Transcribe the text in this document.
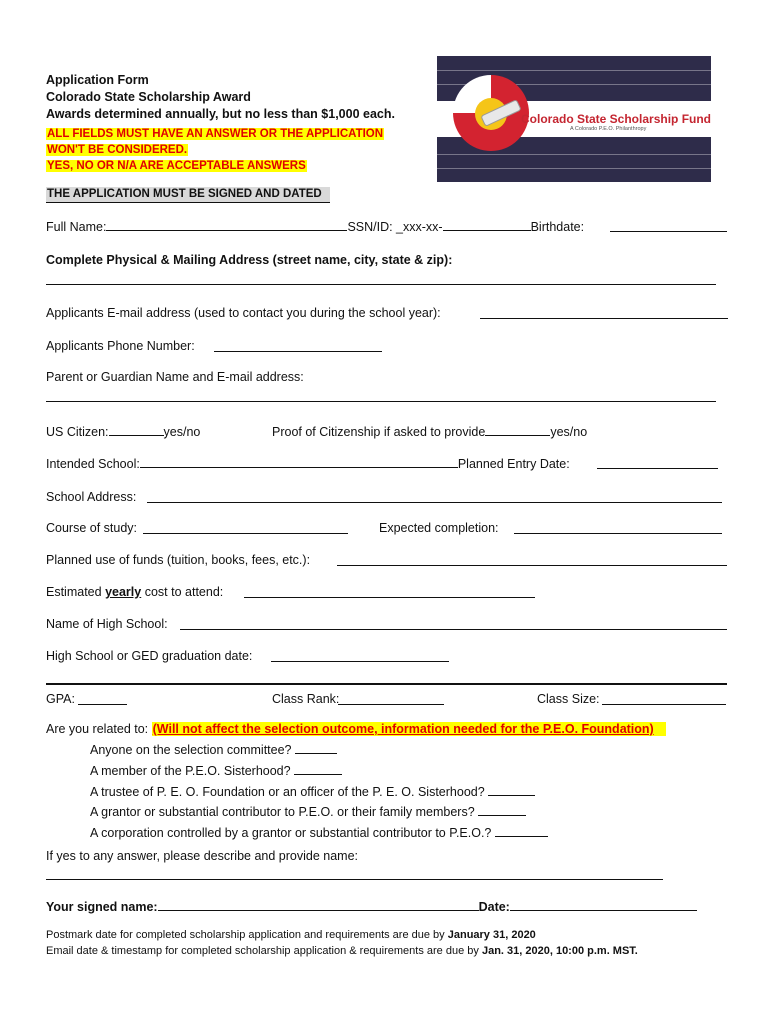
Application Form
Colorado State Scholarship Award
Awards determined annually, but no less than $1,000 each.
ALL FIELDS MUST HAVE AN ANSWER OR THE APPLICATION
WON'T BE CONSIDERED.
YES, NO OR N/A ARE ACCEPTABLE ANSWERS
THE APPLICATION MUST BE SIGNED AND DATED
Colorado State Scholarship Fund
A Colorado P.E.O. Philanthropy
Full Name:	SSN/ID: _xxx-xx-	Birthdate:
Complete Physical & Mailing Address (street name, city, state & zip):
Applicants E-mail address (used to contact you during the school year):
Applicants Phone Number:
Parent or Guardian Name and E-mail address:
US Citizen:	yes/no	Proof of Citizenship if asked to provide	yes/no
Intended School:	Planned Entry Date:
School Address:
Course of study:	Expected completion:
Planned use of funds (tuition, books, fees, etc.):
Estimated yearly cost to attend:
Name of High School:
High School or GED graduation date:
GPA:	Class Rank:	Class Size:
Are you related to: (Will not affect the selection outcome, information needed for the P.E.O. Foundation)
Anyone on the selection committee?
A member of the P.E.O. Sisterhood?
A trustee of P. E. O. Foundation or an officer of the P. E. O. Sisterhood?
A grantor or substantial contributor to P.E.O. or their family members?
A corporation controlled by a grantor or substantial contributor to P.E.O.?
If yes to any answer, please describe and provide name:
Your signed name:	Date:
Postmark date for completed scholarship application and requirements are due by January 31, 2020
Email date & timestamp for completed scholarship application & requirements are due by Jan. 31, 2020, 10:00 p.m. MST.
